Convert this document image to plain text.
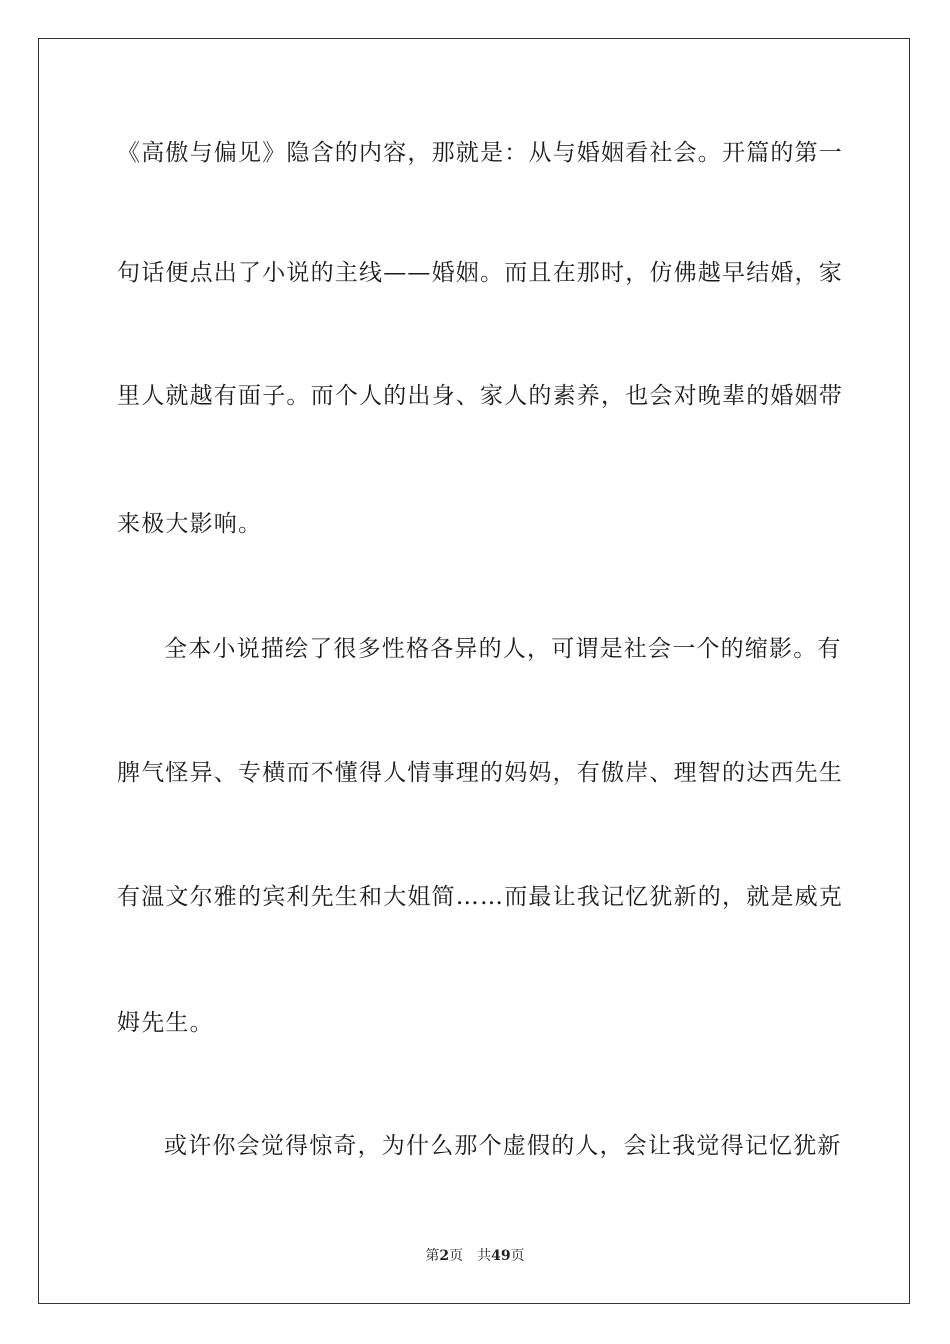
《高傲与偏见》隐含的内容，那就是：从与婚姻看社会。开篇的第一
句话便点出了小说的主线——婚姻。而且在那时，仿佛越早结婚，家
里人就越有面子。而个人的出身、家人的素养，也会对晚辈的婚姻带
来极大影响。
全本小说描绘了很多性格各异的人，可谓是社会一个的缩影。有
脾气怪异、专横而不懂得人情事理的妈妈，有傲岸、理智的达西先生
有温文尔雅的宾利先生和大姐简……而最让我记忆犹新的，就是威克
姆先生。
或许你会觉得惊奇，为什么那个虚假的人，会让我觉得记忆犹新
第2页 共49页
